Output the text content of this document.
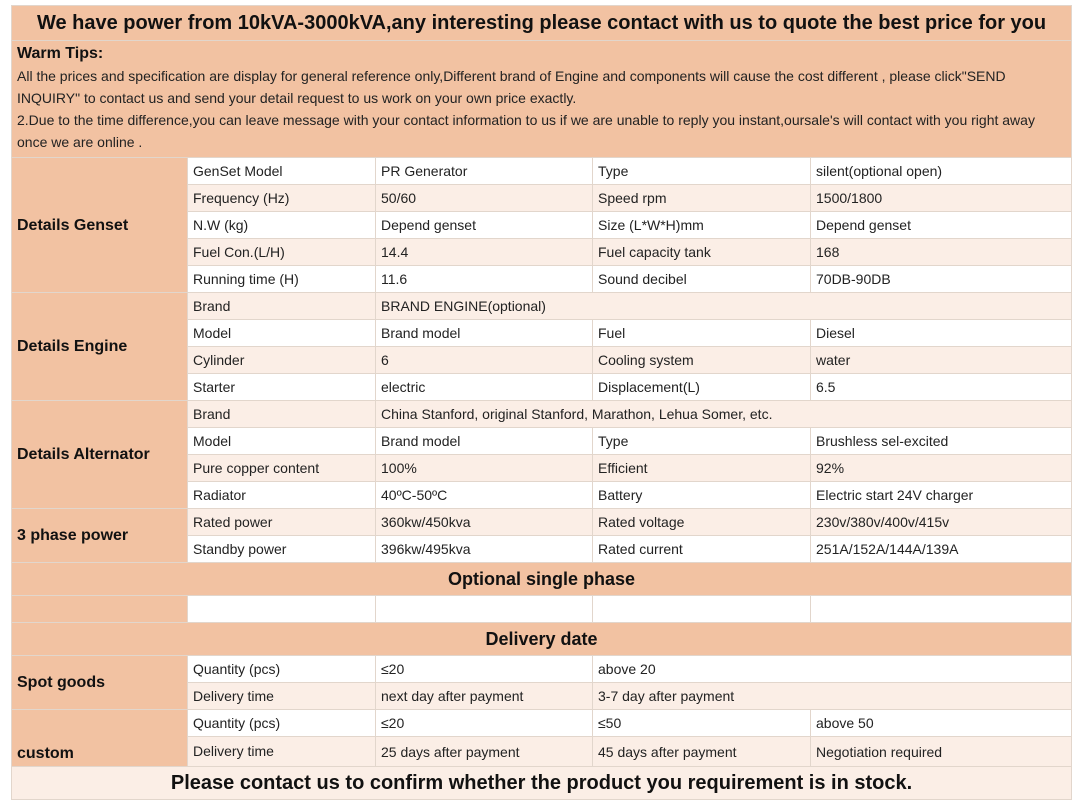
We have power from 10kVA-3000kVA,any interesting please contact with us to quote the best price for you				

Warm Tips:
All the prices and specification are display for general reference only,Different brand of Engine and components will cause the cost different , please click"SEND INQUIRY" to contact us and send your detail request to us work on your own price exactly.
2.Due to the time difference,you can leave message with your contact information to us if we are unable to reply you instant,oursale's will contact with you right away once we are online .				

Details Genset	GenSet Model	PR Generator	Type	silent(optional open)
	Frequency (Hz)	50/60	Speed rpm	1500/1800
	N.W (kg)	Depend genset	Size (L*W*H)mm	Depend genset
	Fuel Con.(L/H)	14.4	Fuel capacity tank	168
	Running time (H)	11.6	Sound decibel	70DB-90DB
Details Engine	Brand	BRAND ENGINE(optional)		
	Model	Brand model	Fuel	Diesel
	Cylinder	6	Cooling system	water
	Starter	electric	Displacement(L)	6.5
Details Alternator	Brand	China Stanford, original Stanford, Marathon, Lehua Somer, etc.		
	Model	Brand model	Type	Brushless sel-excited
	Pure copper content	100%	Efficient	92%
	Radiator	40ºC-50ºC	Battery	Electric start 24V charger
3 phase power	Rated power	360kw/450kva	Rated voltage	230v/380v/400v/415v
	Standby power	396kw/495kva	Rated current	251A/152A/144A/139A
Optional single phase				

Delivery date				
Spot goods	Quantity (pcs)	≤20	above 20	
	Delivery time	next day after payment	3-7 day after payment	
custom	Quantity (pcs)	≤20	≤50	above 50
	Delivery time	25 days after payment	45 days after payment	Negotiation required
Please contact us to confirm whether the product you requirement is in stock.				
